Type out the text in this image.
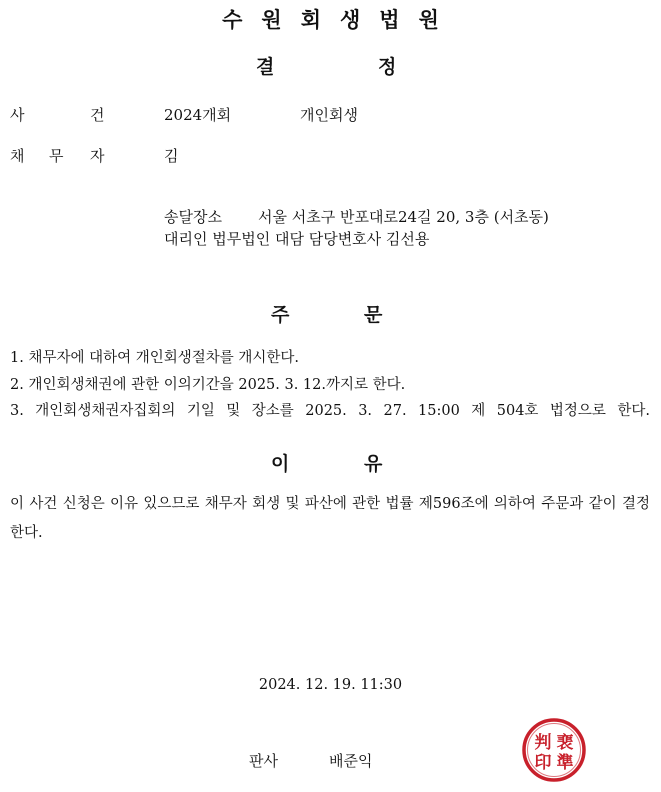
수원회생법원
결	정
사	건	2024개회	개인회생
채 무 자	김
송달장소 서울 서초구 반포대로24길 20, 3층 (서초동)
대리인 법무법인 대담 담당변호사 김선용
주	문
1. 채무자에 대하여 개인회생절차를 개시한다.
2. 개인회생채권에 관한 이의기간을 2025. 3. 12.까지로 한다.
3. 개인회생채권자집회의 기일 및 장소를 2025. 3. 27. 15:00 제 504호 법정으로 한다.
이	유
이 사건 신청은 이유 있으므로 채무자 회생 및 파산에 관한 법률 제596조에 의하여 주문과 같이 결정한다.
2024. 12. 19. 11:30
판사	배준익
判 裵
印 準
